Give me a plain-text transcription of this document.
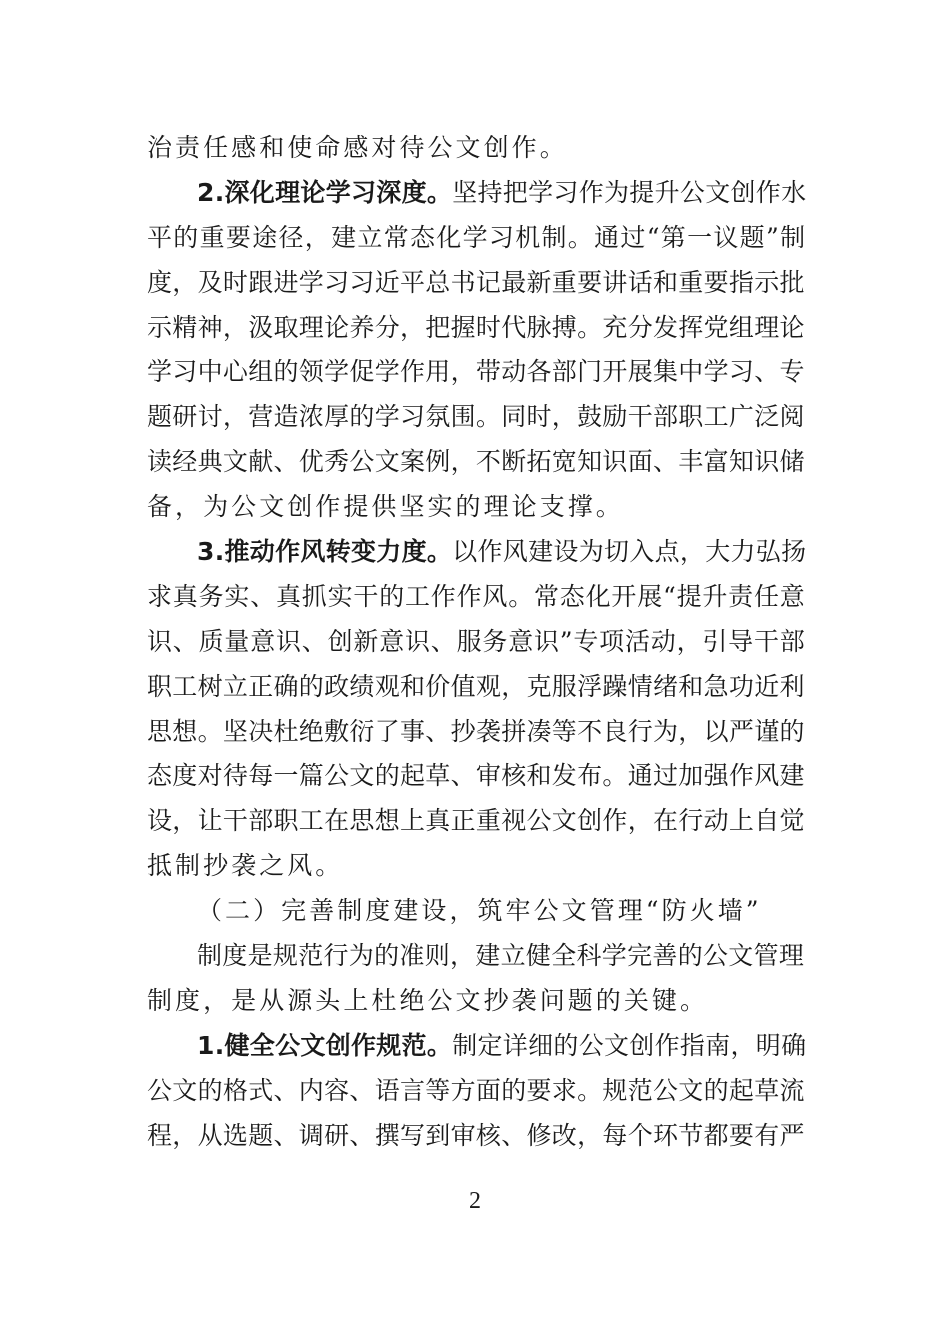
治责任感和使命感对待公文创作。
2.深化理论学习深度。坚持把学习作为提升公文创作水
平的重要途径，建立常态化学习机制。通过“第一议题”制
度，及时跟进学习习近平总书记最新重要讲话和重要指示批
示精神，汲取理论养分，把握时代脉搏。充分发挥党组理论
学习中心组的领学促学作用，带动各部门开展集中学习、专
题研讨，营造浓厚的学习氛围。同时，鼓励干部职工广泛阅
读经典文献、优秀公文案例，不断拓宽知识面、丰富知识储
备，为公文创作提供坚实的理论支撑。
3.推动作风转变力度。以作风建设为切入点，大力弘扬
求真务实、真抓实干的工作作风。常态化开展“提升责任意
识、质量意识、创新意识、服务意识”专项活动，引导干部
职工树立正确的政绩观和价值观，克服浮躁情绪和急功近利
思想。坚决杜绝敷衍了事、抄袭拼凑等不良行为，以严谨的
态度对待每一篇公文的起草、审核和发布。通过加强作风建
设，让干部职工在思想上真正重视公文创作，在行动上自觉
抵制抄袭之风。
（二）完善制度建设，筑牢公文管理“防火墙”
制度是规范行为的准则，建立健全科学完善的公文管理
制度，是从源头上杜绝公文抄袭问题的关键。
1.健全公文创作规范。制定详细的公文创作指南，明确
公文的格式、内容、语言等方面的要求。规范公文的起草流
程，从选题、调研、撰写到审核、修改，每个环节都要有严
2
